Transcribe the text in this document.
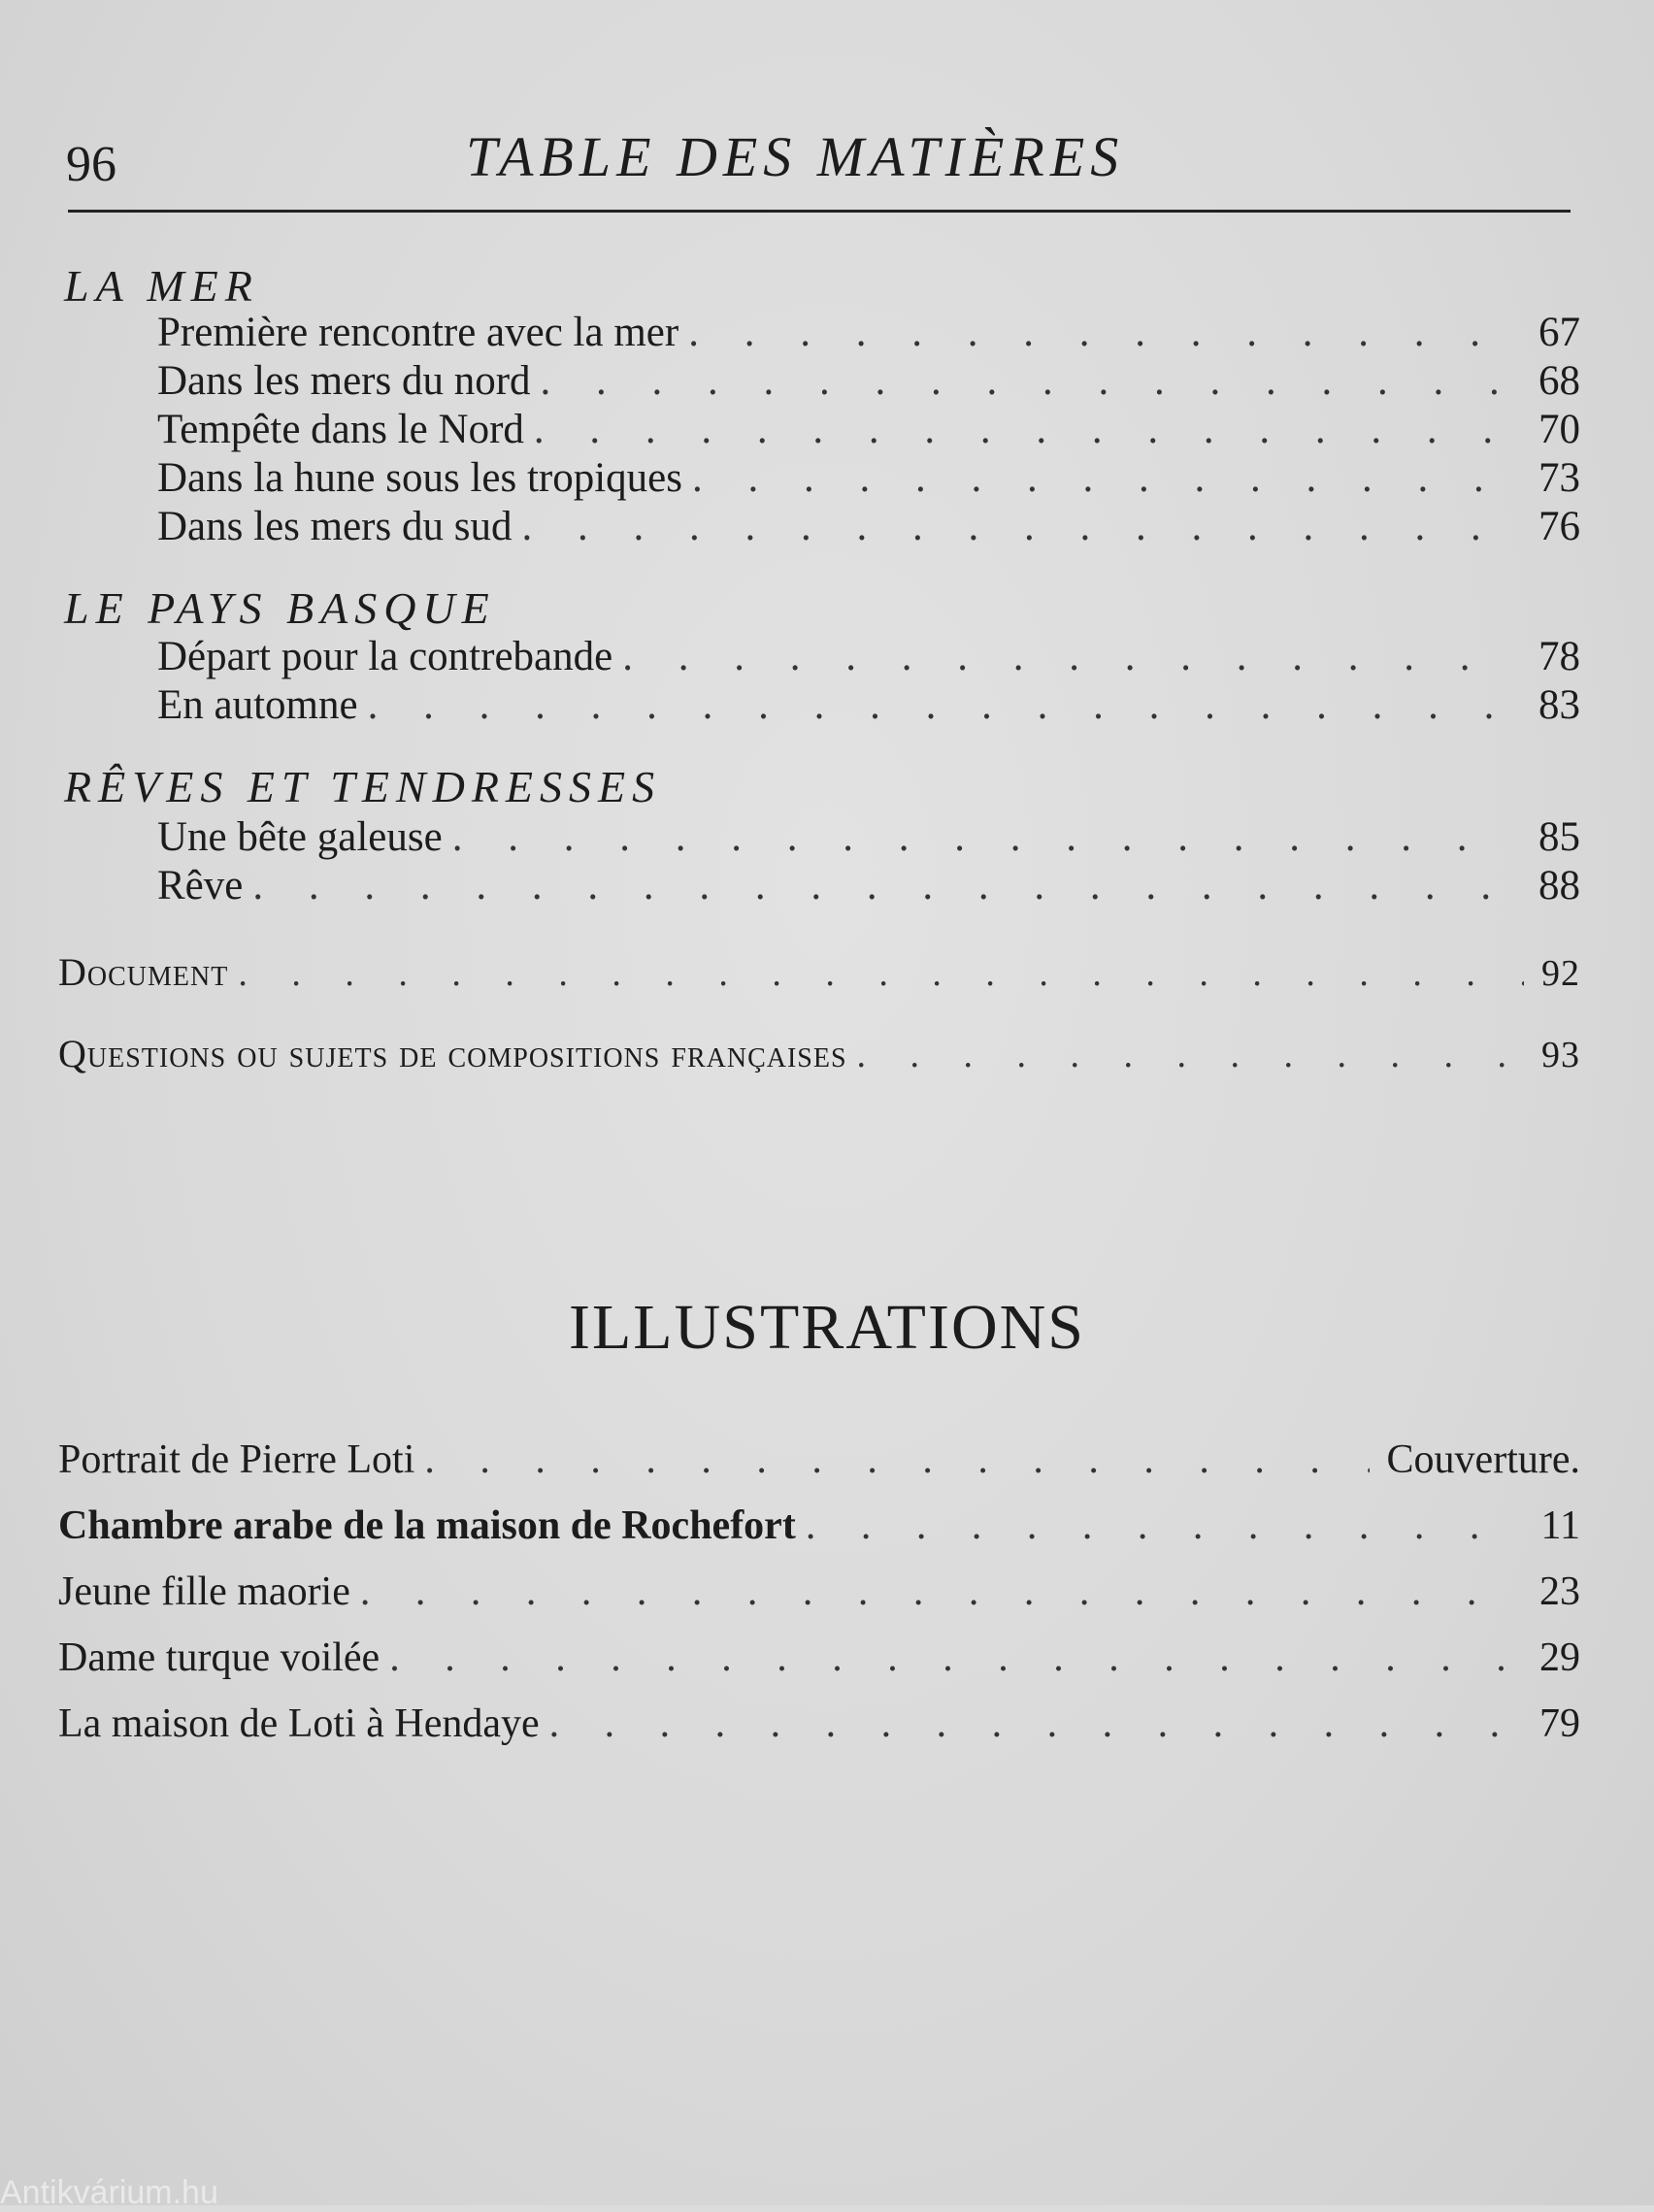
96	TABLE DES MATIÈRES
LA MER
Première rencontre avec la mer . . .	67
Dans les mers du nord . . .	68
Tempête dans le Nord . . .	70
Dans la hune sous les tropiques . . .	73
Dans les mers du sud . . .	76
LE PAYS BASQUE
Départ pour la contrebande . . .	78
En automne . . .	83
RÊVES ET TENDRESSES
Une bête galeuse . . .	85
Rêve . . .	88
Document . . .	92
Questions ou sujets de compositions françaises . . .	93
ILLUSTRATIONS
Portrait de Pierre Loti . . .	Couverture.
Chambre arabe de la maison de Rochefort . . .	11
Jeune fille maorie . . .	23
Dame turque voilée . . .	29
La maison de Loti à Hendaye . . .	79
Antikvárium.hu
